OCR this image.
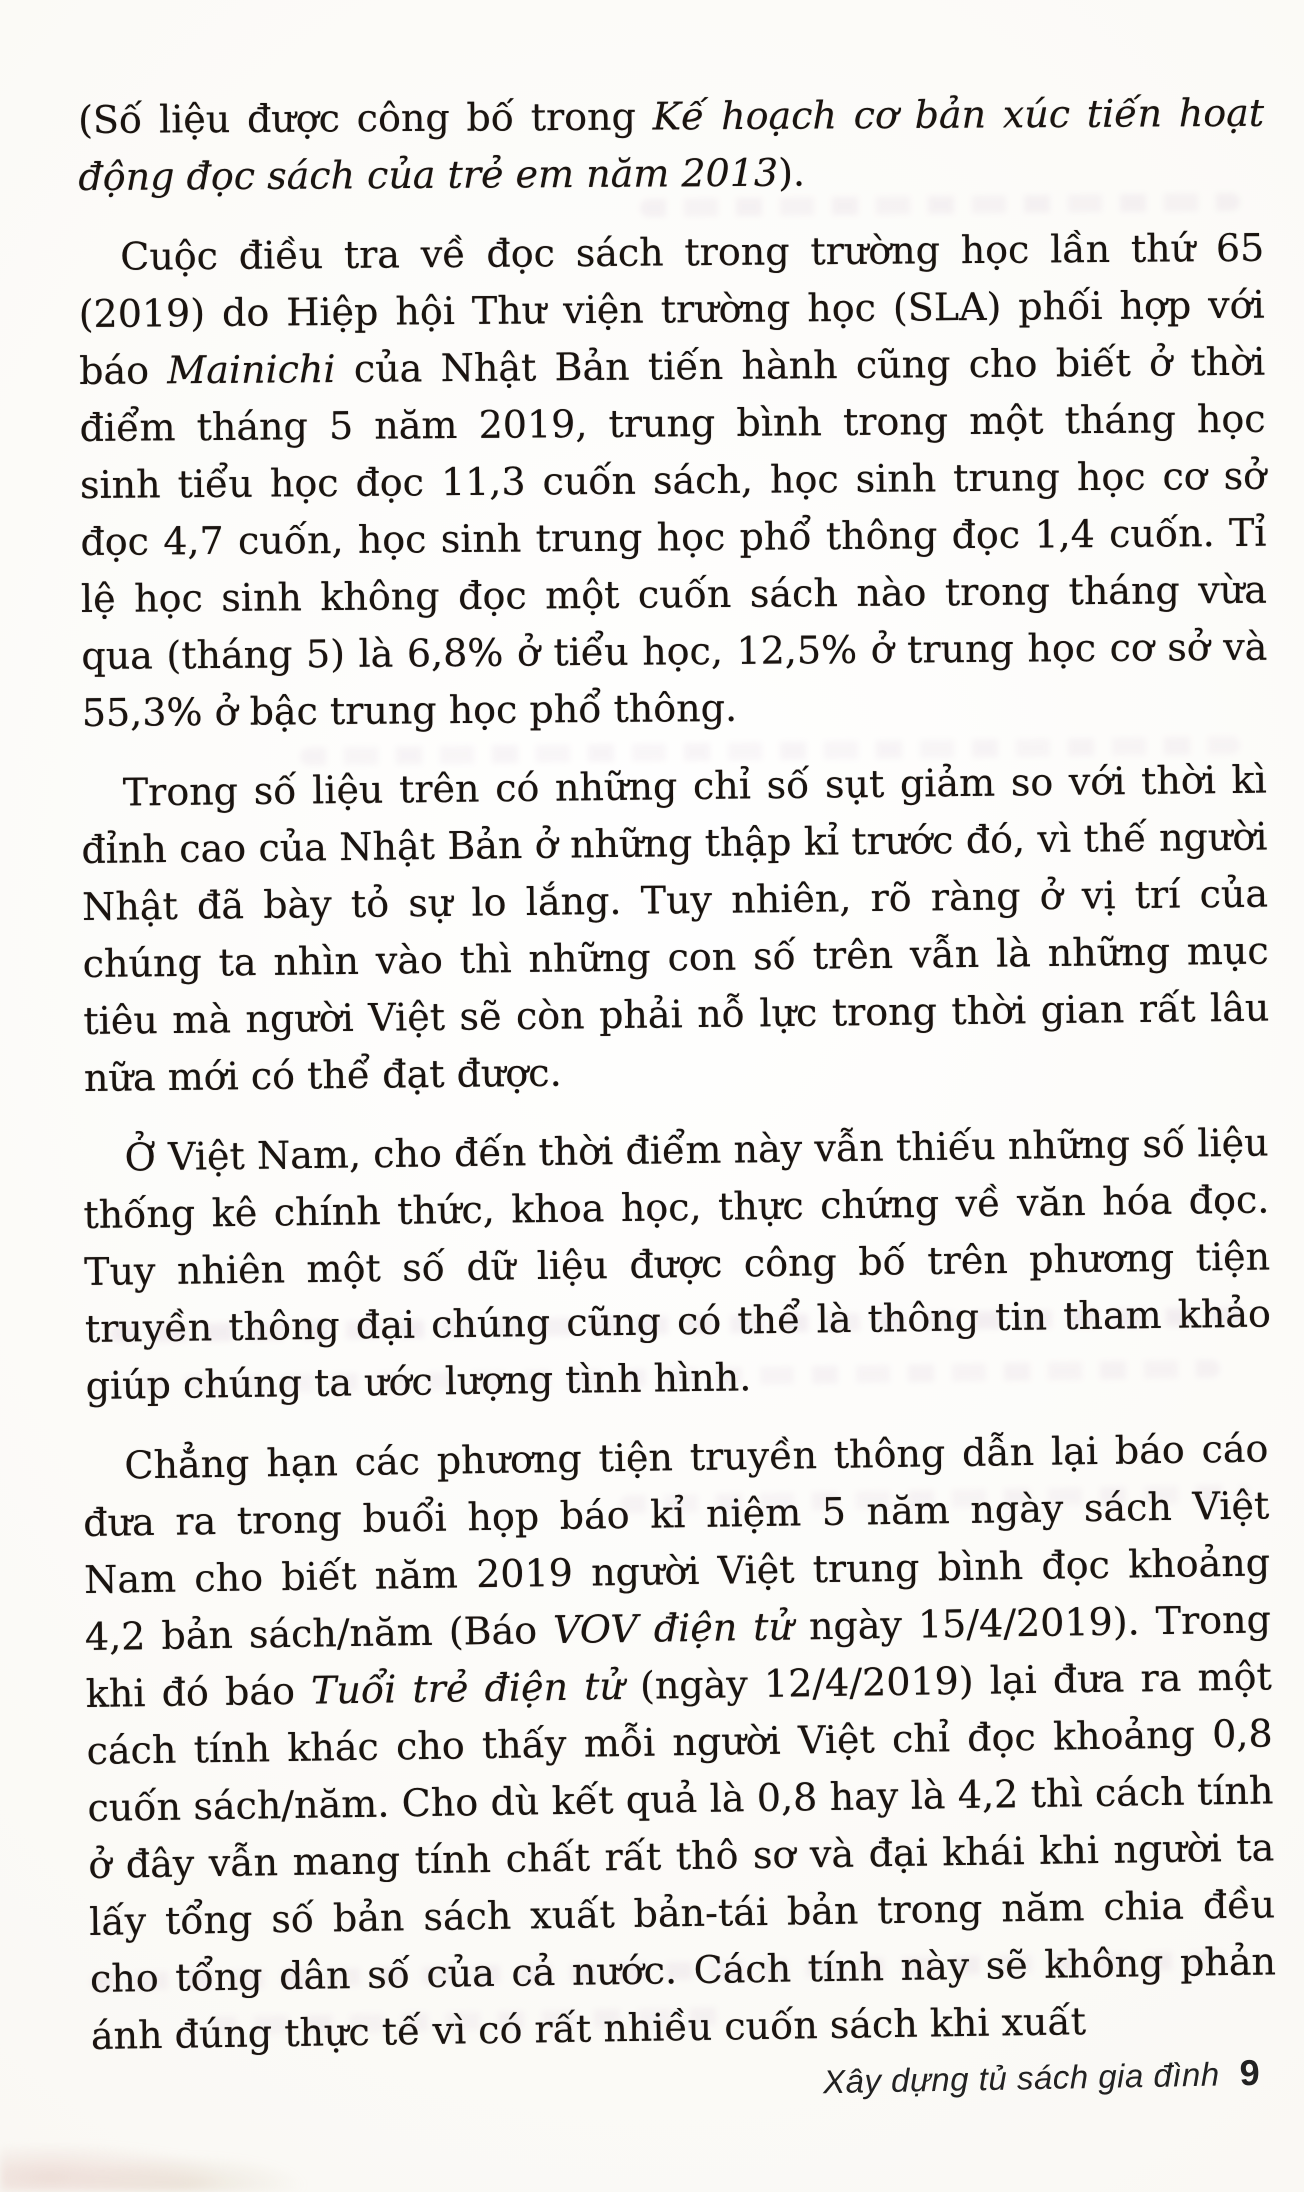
(Số liệu được công bố trong Kế hoạch cơ bản xúc tiến hoạt động đọc sách của trẻ em năm 2013).

Cuộc điều tra về đọc sách trong trường học lần thứ 65 (2019) do Hiệp hội Thư viện trường học (SLA) phối hợp với báo Mainichi của Nhật Bản tiến hành cũng cho biết ở thời điểm tháng 5 năm 2019, trung bình trong một tháng học sinh tiểu học đọc 11,3 cuốn sách, học sinh trung học cơ sở đọc 4,7 cuốn, học sinh trung học phổ thông đọc 1,4 cuốn. Tỉ lệ học sinh không đọc một cuốn sách nào trong tháng vừa qua (tháng 5) là 6,8% ở tiểu học, 12,5% ở trung học cơ sở và 55,3% ở bậc trung học phổ thông.

Trong số liệu trên có những chỉ số sụt giảm so với thời kì đỉnh cao của Nhật Bản ở những thập kỉ trước đó, vì thế người Nhật đã bày tỏ sự lo lắng. Tuy nhiên, rõ ràng ở vị trí của chúng ta nhìn vào thì những con số trên vẫn là những mục tiêu mà người Việt sẽ còn phải nỗ lực trong thời gian rất lâu nữa mới có thể đạt được.

Ở Việt Nam, cho đến thời điểm này vẫn thiếu những số liệu thống kê chính thức, khoa học, thực chứng về văn hóa đọc. Tuy nhiên một số dữ liệu được công bố trên phương tiện truyền thông đại chúng cũng có thể là thông tin tham khảo giúp chúng ta ước lượng tình hình.

Chẳng hạn các phương tiện truyền thông dẫn lại báo cáo đưa ra trong buổi họp báo kỉ niệm 5 năm ngày sách Việt Nam cho biết năm 2019 người Việt trung bình đọc khoảng 4,2 bản sách/năm (Báo VOV điện tử ngày 15/4/2019). Trong khi đó báo Tuổi trẻ điện tử (ngày 12/4/2019) lại đưa ra một cách tính khác cho thấy mỗi người Việt chỉ đọc khoảng 0,8 cuốn sách/năm. Cho dù kết quả là 0,8 hay là 4,2 thì cách tính ở đây vẫn mang tính chất rất thô sơ và đại khái khi người ta lấy tổng số bản sách xuất bản-tái bản trong năm chia đều cho tổng dân số của cả nước. Cách tính này sẽ không phản ánh đúng thực tế vì có rất nhiều cuốn sách khi xuất

Xây dựng tủ sách gia đình 9
